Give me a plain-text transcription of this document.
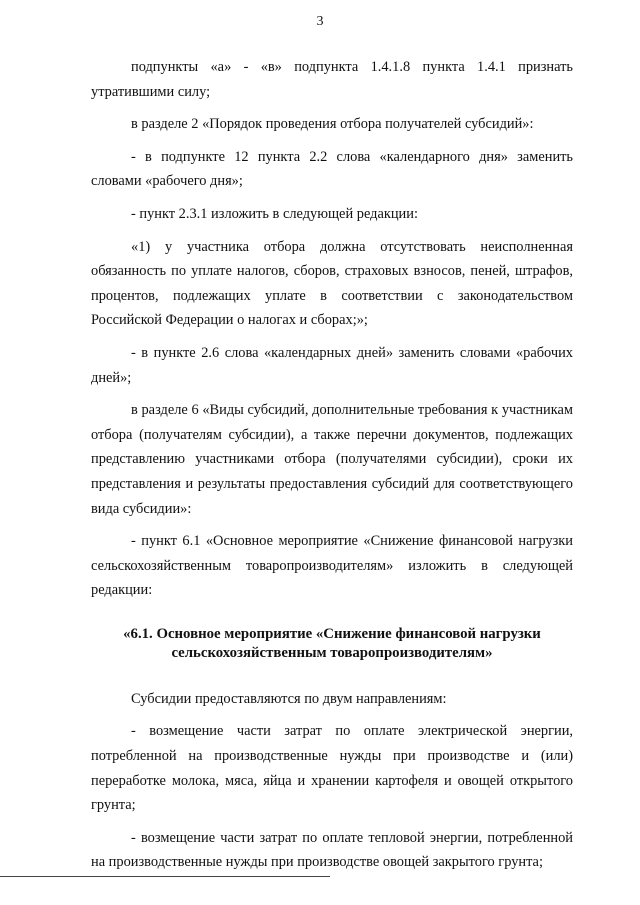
3

подпункты «а» - «в» подпункта 1.4.1.8 пункта 1.4.1 признать утратившими силу;

в разделе 2 «Порядок проведения отбора получателей субсидий»:

- в подпункте 12 пункта 2.2 слова «календарного дня» заменить словами «рабочего дня»;

- пункт 2.3.1 изложить в следующей редакции:

«1) у участника отбора должна отсутствовать неисполненная обязанность по уплате налогов, сборов, страховых взносов, пеней, штрафов, процентов, подлежащих уплате в соответствии с законодательством Российской Федерации о налогах и сборах;»;

- в пункте 2.6 слова «календарных дней» заменить словами «рабочих дней»;

в разделе 6 «Виды субсидий, дополнительные требования к участникам отбора (получателям субсидии), а также перечни документов, подлежащих представлению участниками отбора (получателями субсидии), сроки их представления и результаты предоставления субсидий для соответствующего вида субсидии»:

- пункт 6.1 «Основное мероприятие «Снижение финансовой нагрузки сельскохозяйственным товаропроизводителям» изложить в следующей редакции:

«6.1. Основное мероприятие «Снижение финансовой нагрузки
сельскохозяйственным товаропроизводителям»

Субсидии предоставляются по двум направлениям:

- возмещение части затрат по оплате электрической энергии, потребленной на производственные нужды при производстве и (или) переработке молока, мяса, яйца и хранении картофеля и овощей открытого грунта;

- возмещение части затрат по оплате тепловой энергии, потребленной на производственные нужды при производстве овощей закрытого грунта;
